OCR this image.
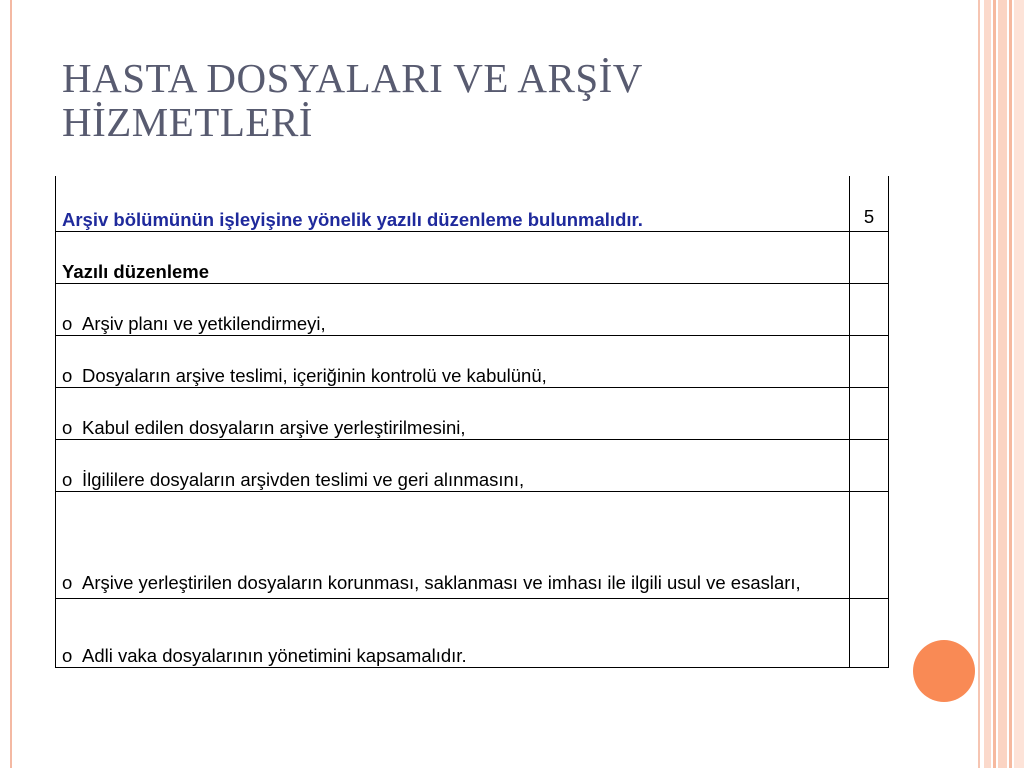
HASTA DOSYALARI VE ARŞİV
HİZMETLERİ
Arşiv bölümünün işleyişine yönelik yazılı düzenleme bulunmalıdır.	5
Yazılı düzenleme	
o Arşiv planı ve yetkilendirmeyi,	
o Dosyaların arşive teslimi, içeriğinin kontrolü ve kabulünü,	
o Kabul edilen dosyaların arşive yerleştirilmesini,	
o İlgililere dosyaların arşivden teslimi ve geri alınmasını,	
o Arşive yerleştirilen dosyaların korunması, saklanması ve imhası ile ilgili usul ve esasları,	
o Adli vaka dosyalarının yönetimini kapsamalıdır.	
